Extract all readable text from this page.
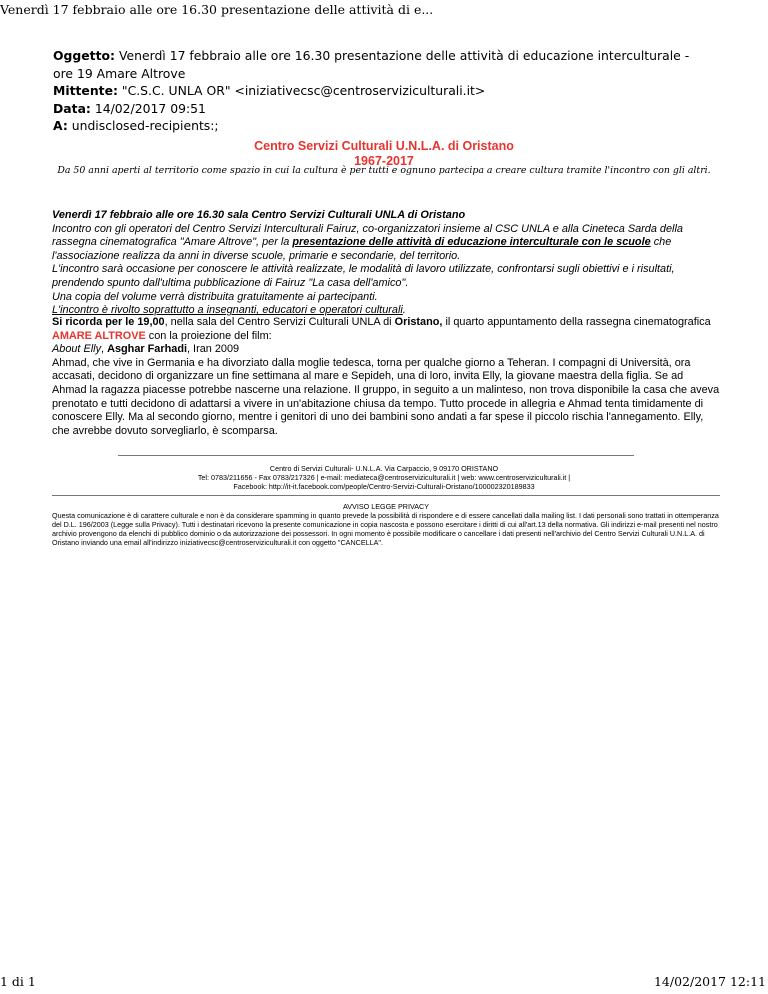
Venerdì 17 febbraio alle ore 16.30 presentazione delle attività di e...
Oggetto: Venerdì 17 febbraio alle ore 16.30 presentazione delle attività di educazione interculturale - ore 19 Amare Altrove
Mittente: "C.S.C. UNLA OR" <iniziativecsc@centroserviziculturali.it>
Data: 14/02/2017 09:51
A: undisclosed-recipients:;
Centro Servizi Culturali U.N.L.A. di Oristano
1967-2017
Da 50 anni aperti al territorio come spazio in cui la cultura è per tutti e ognuno partecipa a creare cultura tramite l'incontro con gli altri.

Venerdì 17 febbraio alle ore 16.30 sala Centro Servizi Culturali UNLA di Oristano

Incontro con gli operatori del Centro Servizi Interculturali Fairuz, co-organizzatori insieme al CSC UNLA e alla Cineteca Sarda della rassegna cinematografica "Amare Altrove", per la presentazione delle attività di educazione interculturale con le scuole che l'associazione realizza da anni in diverse scuole, primarie e secondarie, del territorio.

L'incontro sarà occasione per conoscere le attività realizzate, le modalità di lavoro utilizzate, confrontarsi sugli obiettivi e i risultati, prendendo spunto dall'ultima pubblicazione di Fairuz "La casa dell'amico".

Una copia del volume verrà distribuita gratuitamente ai partecipanti.

L'incontro è rivolto soprattutto a insegnanti, educatori e operatori culturali.

Si ricorda per le 19,00, nella sala del Centro Servizi Culturali UNLA di Oristano, il quarto appuntamento della rassegna cinematografica AMARE ALTROVE con la proiezione del film:

About Elly, Asghar Farhadi, Iran 2009

Ahmad, che vive in Germania e ha divorziato dalla moglie tedesca, torna per qualche giorno a Teheran. I compagni di Università, ora accasati, decidono di organizzare un fine settimana al mare e Sepideh, una di loro, invita Elly, la giovane maestra della figlia. Se ad Ahmad la ragazza piacesse potrebbe nascerne una relazione. Il gruppo, in seguito a un malinteso, non trova disponibile la casa che aveva prenotato e tutti decidono di adattarsi a vivere in un'abitazione chiusa da tempo. Tutto procede in allegria e Ahmad tenta timidamente di conoscere Elly. Ma al secondo giorno, mentre i genitori di uno dei bambini sono andati a far spese il piccolo rischia l'annegamento. Elly, che avrebbe dovuto sorvegliarlo, è scomparsa.

Centro di Servizi Culturali- U.N.L.A. Via Carpaccio, 9 09170 ORISTANO
Tel: 0783/211656 - Fax 0783/217326 | e-mail: mediateca@centroserviziculturali.it | web: www.centroserviziculturali.it |
Facebook: http://it-it.facebook.com/people/Centro-Servizi-Culturali-Oristano/100002320189833
AVVISO LEGGE PRIVACY
Questa comunicazione è di carattere culturale e non è da considerare spamming in quanto prevede la possibilità di rispondere e di essere cancellati dalla mailing list. I dati personali sono trattati in ottemperanza del D.L. 196/2003 (Legge sulla Privacy). Tutti i destinatari ricevono la presente comunicazione in copia nascosta e possono esercitare i diritti di cui all'art.13 della normativa. Gli indirizzi e-mail presenti nel nostro archivio provengono da elenchi di pubblico dominio o da autorizzazione dei possessori. In ogni momento è possibile modificare o cancellare i dati presenti nell'archivio del Centro Servizi Culturali U.N.L.A. di Oristano inviando una email all'indirizzo iniziativecsc@centroserviziculturali.it con oggetto "CANCELLA".
1 di 1	14/02/2017 12:11
